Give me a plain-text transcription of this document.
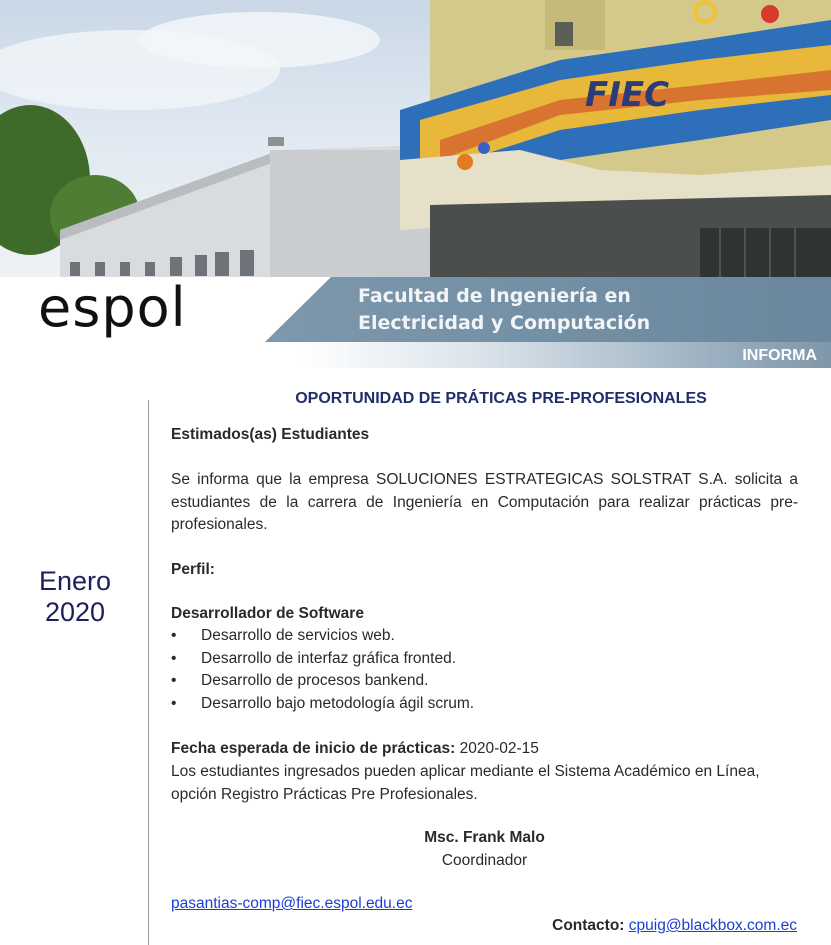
FIEC
espol	Facultad de Ingeniería en
Electricidad y Computación
INFORMA
Enero
2020
OPORTUNIDAD DE PRÁTICAS PRE-PROFESIONALES
Estimados(as) Estudiantes
Se informa que la empresa SOLUCIONES ESTRATEGICAS SOLSTRAT S.A. solicita a estudiantes de la carrera de Ingeniería en Computación para realizar prácticas pre-profesionales.
Perfil:
Desarrollador de Software
• Desarrollo de servicios web.
• Desarrollo de interfaz gráfica fronted.
• Desarrollo de procesos bankend.
• Desarrollo bajo metodología ágil scrum.
Fecha esperada de inicio de prácticas: 2020-02-15
Los estudiantes ingresados pueden aplicar mediante el Sistema Académico en Línea, opción Registro Prácticas Pre Profesionales.
Msc. Frank Malo
Coordinador
pasantias-comp@fiec.espol.edu.ec
Contacto: cpuig@blackbox.com.ec
